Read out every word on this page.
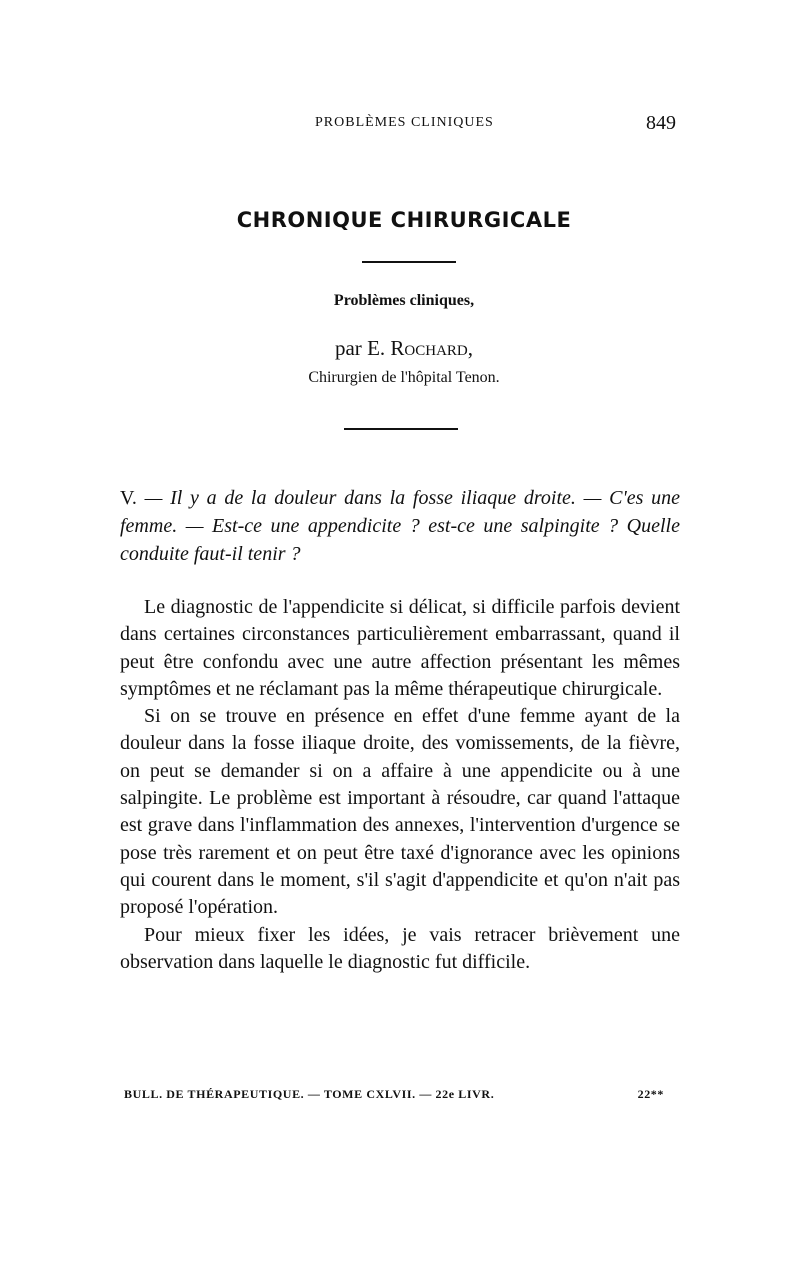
PROBLÈMES CLINIQUES	849
CHRONIQUE CHIRURGICALE
Problèmes cliniques,
par E. Rochard,
Chirurgien de l'hôpital Tenon.
V. — Il y a de la douleur dans la fosse iliaque droite. — C'es une femme. — Est-ce une appendicite ? est-ce une salpingite ? Quelle conduite faut-il tenir ?

Le diagnostic de l'appendicite si délicat, si difficile parfois devient dans certaines circonstances particulièrement embarrassant, quand il peut être confondu avec une autre affection présentant les mêmes symptômes et ne réclamant pas la même thérapeutique chirurgicale.

Si on se trouve en présence en effet d'une femme ayant de la douleur dans la fosse iliaque droite, des vomissements, de la fièvre, on peut se demander si on a affaire à une appendicite ou à une salpingite. Le problème est important à résoudre, car quand l'attaque est grave dans l'inflammation des annexes, l'intervention d'urgence se pose très rarement et on peut être taxé d'ignorance avec les opinions qui courent dans le moment, s'il s'agit d'appendicite et qu'on n'ait pas proposé l'opération.

Pour mieux fixer les idées, je vais retracer brièvement une observation dans laquelle le diagnostic fut difficile.

BULL. DE THÉRAPEUTIQUE. — TOME CXLVII. — 22e LIVR.	22**
